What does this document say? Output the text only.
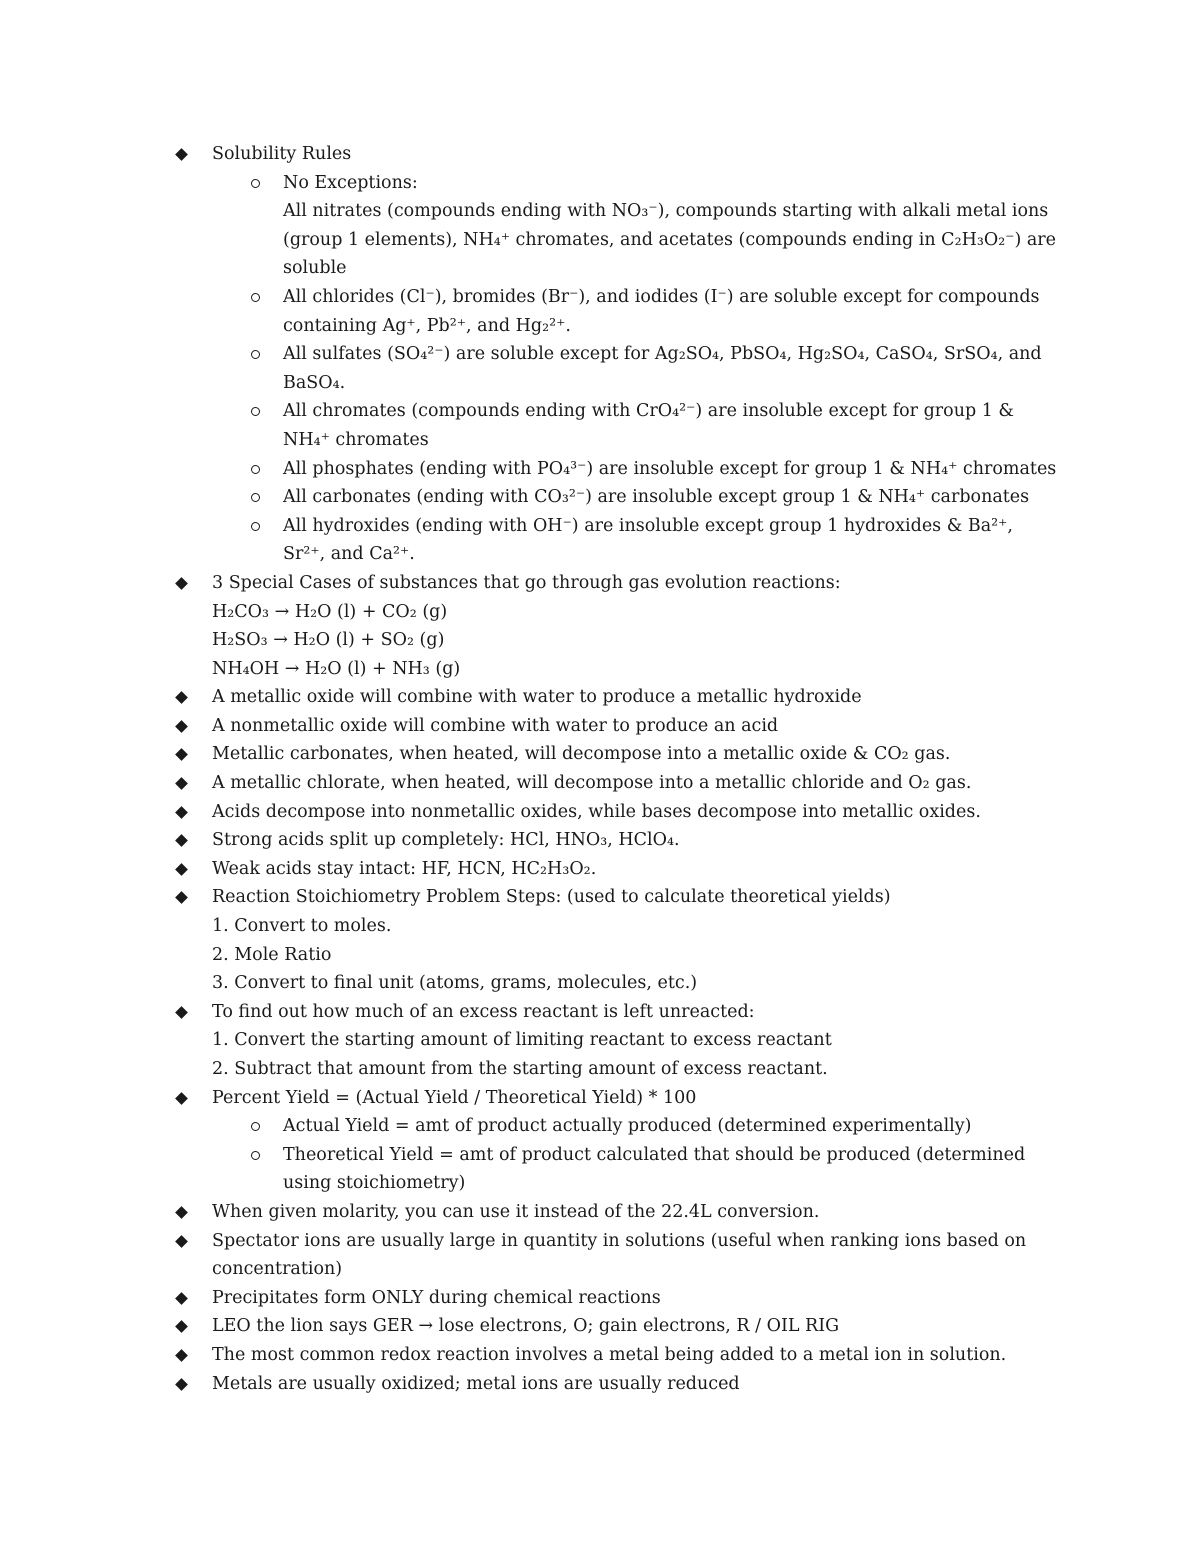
Solubility Rules
No Exceptions:
All nitrates (compounds ending with NO₃⁻), compounds starting with alkali metal ions (group 1 elements), NH₄⁺ chromates, and acetates (compounds ending in C₂H₃O₂⁻) are soluble
All chlorides (Cl⁻), bromides (Br⁻), and iodides (I⁻) are soluble except for compounds containing Ag⁺, Pb²⁺, and Hg₂²⁺.
All sulfates (SO₄²⁻) are soluble except for Ag₂SO₄, PbSO₄, Hg₂SO₄, CaSO₄, SrSO₄, and BaSO₄.
All chromates (compounds ending with CrO₄²⁻) are insoluble except for group 1 & NH₄⁺ chromates
All phosphates (ending with PO₄³⁻) are insoluble except for group 1 & NH₄⁺ chromates
All carbonates (ending with CO₃²⁻) are insoluble except group 1 & NH₄⁺ carbonates
All hydroxides (ending with OH⁻) are insoluble except group 1 hydroxides & Ba²⁺, Sr²⁺, and Ca²⁺.
3 Special Cases of substances that go through gas evolution reactions:
H₂CO₃ → H₂O (l) + CO₂ (g)
H₂SO₃ → H₂O (l) + SO₂ (g)
NH₄OH → H₂O (l) + NH₃ (g)
A metallic oxide will combine with water to produce a metallic hydroxide
A nonmetallic oxide will combine with water to produce an acid
Metallic carbonates, when heated, will decompose into a metallic oxide & CO₂ gas.
A metallic chlorate, when heated, will decompose into a metallic chloride and O₂ gas.
Acids decompose into nonmetallic oxides, while bases decompose into metallic oxides.
Strong acids split up completely: HCl, HNO₃, HClO₄.
Weak acids stay intact: HF, HCN, HC₂H₃O₂.
Reaction Stoichiometry Problem Steps: (used to calculate theoretical yields)
1. Convert to moles.
2. Mole Ratio
3. Convert to final unit (atoms, grams, molecules, etc.)
To find out how much of an excess reactant is left unreacted:
1. Convert the starting amount of limiting reactant to excess reactant
2. Subtract that amount from the starting amount of excess reactant.
Percent Yield = (Actual Yield / Theoretical Yield) * 100
Actual Yield = amt of product actually produced (determined experimentally)
Theoretical Yield = amt of product calculated that should be produced (determined using stoichiometry)
When given molarity, you can use it instead of the 22.4L conversion.
Spectator ions are usually large in quantity in solutions (useful when ranking ions based on concentration)
Precipitates form ONLY during chemical reactions
LEO the lion says GER → lose electrons, O; gain electrons, R / OIL RIG
The most common redox reaction involves a metal being added to a metal ion in solution.
Metals are usually oxidized; metal ions are usually reduced
